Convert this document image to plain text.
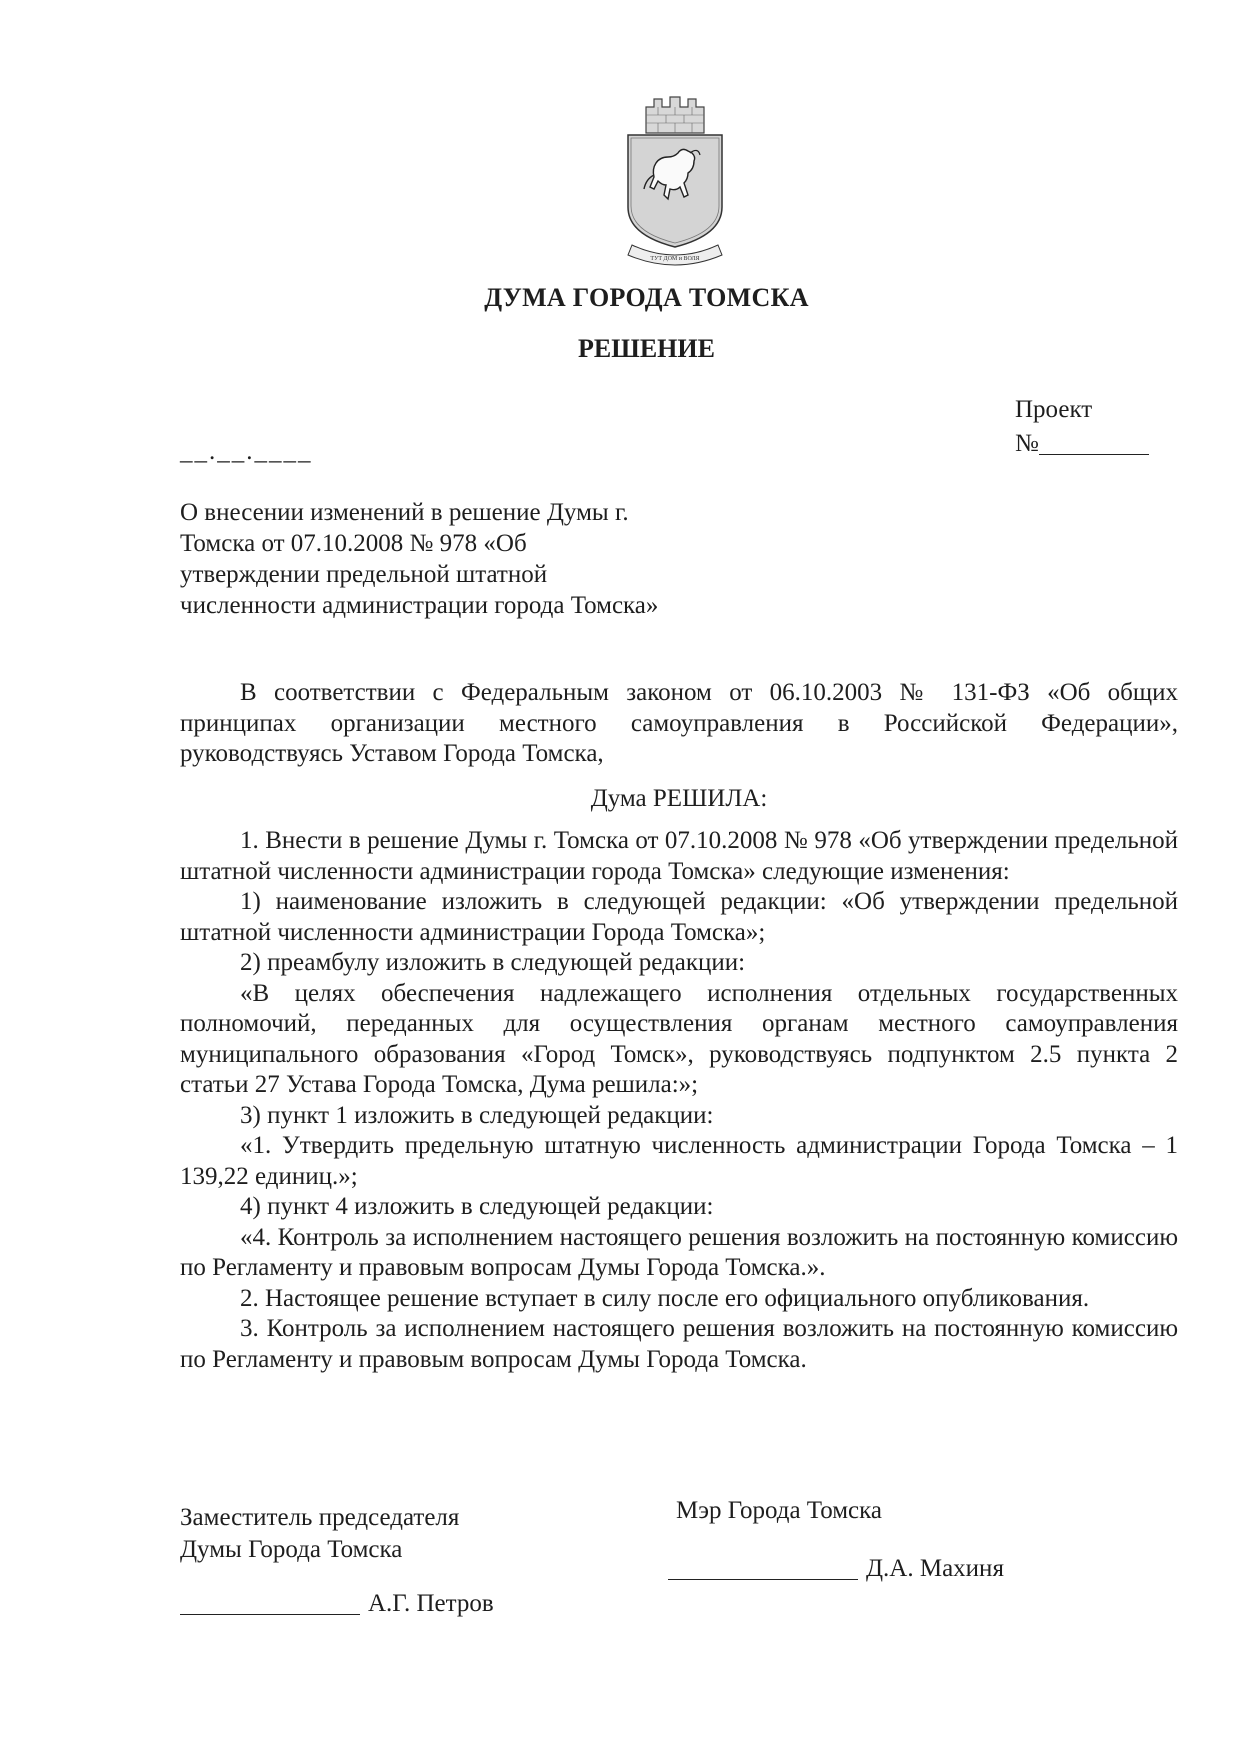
ТУТ ДОМ и ВОЛЯ
ДУМА ГОРОДА ТОМСКА
РЕШЕНИЕ
Проект
№
__.__.____
О внесении изменений в решение Думы г. Томска от 07.10.2008 № 978 «Об утверждении предельной штатной численности администрации города Томска»

В соответствии с Федеральным законом от 06.10.2003 № 131-ФЗ «Об общих принципах организации местного самоуправления в Российской Федерации», руководствуясь Уставом Города Томска,

Дума РЕШИЛА:

1. Внести в решение Думы г. Томска от 07.10.2008 № 978 «Об утверждении предельной штатной численности администрации города Томска» следующие изменения:

1) наименование изложить в следующей редакции: «Об утверждении предельной штатной численности администрации Города Томска»;

2) преамбулу изложить в следующей редакции:

«В целях обеспечения надлежащего исполнения отдельных государственных полномочий, переданных для осуществления органам местного самоуправления муниципального образования «Город Томск», руководствуясь подпунктом 2.5 пункта 2 статьи 27 Устава Города Томска, Дума решила:»;

3) пункт 1 изложить в следующей редакции:

«1. Утвердить предельную штатную численность администрации Города Томска – 1 139,22 единиц.»;

4) пункт 4 изложить в следующей редакции:

«4. Контроль за исполнением настоящего решения возложить на постоянную комиссию по Регламенту и правовым вопросам Думы Города Томска.».

2. Настоящее решение вступает в силу после его официального опубликования.

3. Контроль за исполнением настоящего решения возложить на постоянную комиссию по Регламенту и правовым вопросам Думы Города Томска.

Заместитель председателя
Думы Города Томска
А.Г. Петров
Мэр Города Томска
Д.А. Махиня
